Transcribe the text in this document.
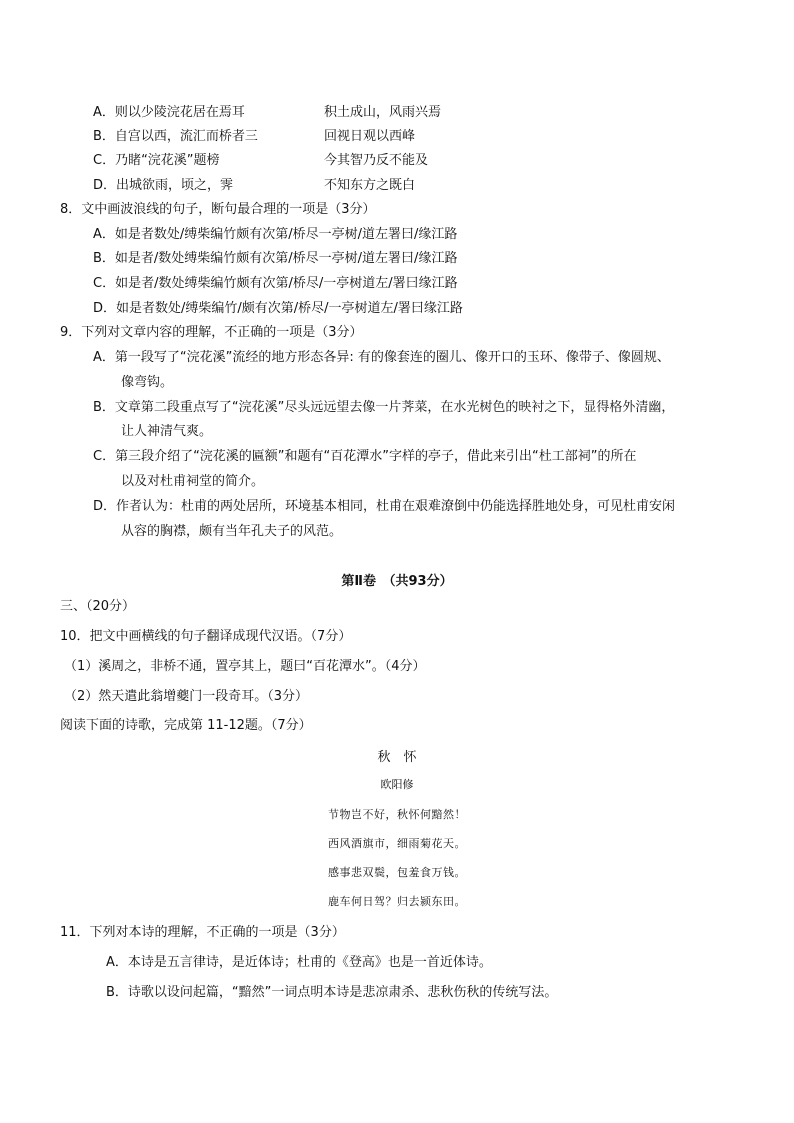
A．则以少陵浣花居在焉耳	积土成山，风雨兴焉
B．自宫以西，流汇而桥者三	回视日观以西峰
C．乃睹“浣花溪”题榜	今其智乃反不能及
D．出城欲雨，顷之，霁	不知东方之既白
8．文中画波浪线的句子，断句最合理的一项是（3分）
A．如是者数处/缚柴编竹颇有次第/桥尽一亭树/道左署曰/缘江路
B．如是者/数处缚柴编竹颇有次第/桥尽一亭树/道左署曰/缘江路
C．如是者/数处缚柴编竹颇有次第/桥尽/一亭树道左/署曰缘江路
D．如是者数处/缚柴编竹/颇有次第/桥尽/一亭树道左/署曰缘江路
9．下列对文章内容的理解，不正确的一项是（3分）
A．第一段写了“浣花溪”流经的地方形态各异: 有的像套连的圈儿、像开口的玉环、像带子、像圆规、
像弯钩。
B．文章第二段重点写了“浣花溪”尽头远远望去像一片荠菜，在水光树色的映衬之下，显得格外清幽，
让人神清气爽。
C．第三段介绍了“浣花溪的匾额”和题有“百花潭水”字样的亭子，借此来引出“杜工部祠”的所在
以及对杜甫祠堂的简介。
D．作者认为：杜甫的两处居所，环境基本相同，杜甫在艰难潦倒中仍能选择胜地处身，可见杜甫安闲
从容的胸襟，颇有当年孔夫子的风范。
第Ⅱ卷　（共93分）
三、（20分）
10．把文中画横线的句子翻译成现代汉语。（7分）
（1）溪周之，非桥不通，置亭其上，题曰“百花潭水”。（4分）
（2）然天遣此翁增夔门一段奇耳。（3分）
阅读下面的诗歌，完成第 11-12题。（7分）
秋　怀
欧阳修
节物岂不好，秋怀何黯然！
西风酒旗市，细雨菊花天。
感事悲双鬓，包羞食万钱。
鹿车何日驾？归去颍东田。
11．下列对本诗的理解，不正确的一项是（3分）
A．本诗是五言律诗，是近体诗；杜甫的《登高》也是一首近体诗。
B．诗歌以设问起篇，“黯然”一词点明本诗是悲凉肃杀、悲秋伤秋的传统写法。
